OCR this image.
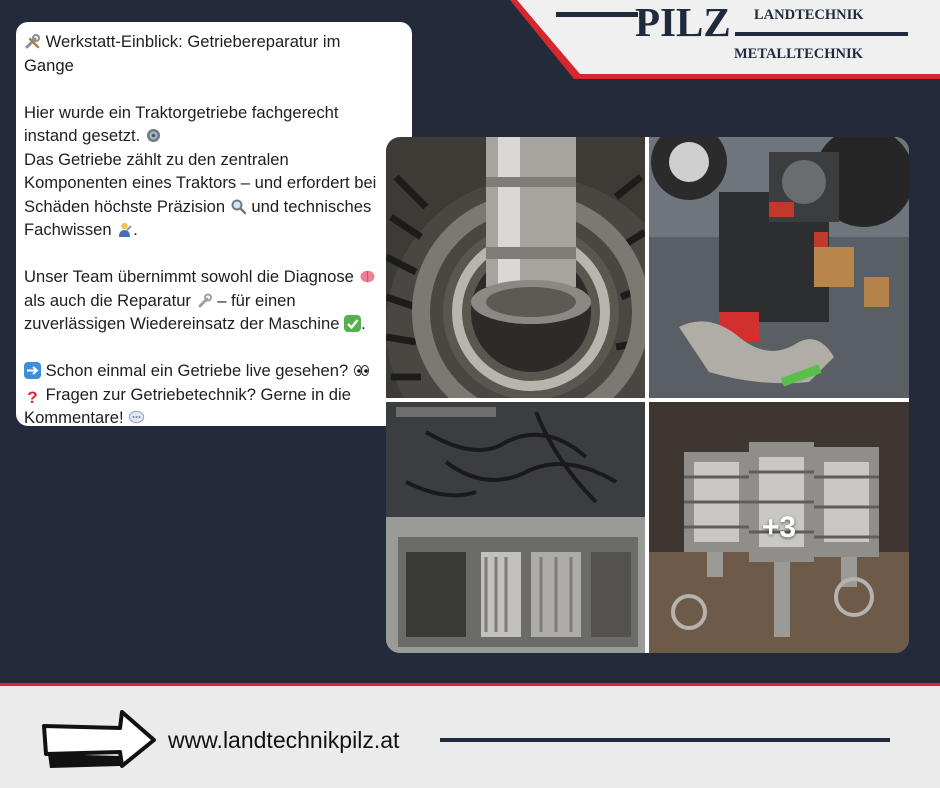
PILZ LANDTECHNIK
METALLTECHNIK

Werkstatt-Einblick: Getriebereparatur im
Gange

Hier wurde ein Traktorgetriebe fachgerecht
instand gesetzt.
Das Getriebe zählt zu den zentralen
Komponenten eines Traktors – und erfordert bei
Schäden höchste Präzision und technisches
Fachwissen .

Unser Team übernimmt sowohl die Diagnose
als auch die Reparatur – für einen
zuverlässigen Wiedereinsatz der Maschine .

Schon einmal ein Getriebe live gesehen?
? Fragen zur Getriebetechnik? Gerne in die
Kommentare!

+3
www.landtechnikpilz.at
